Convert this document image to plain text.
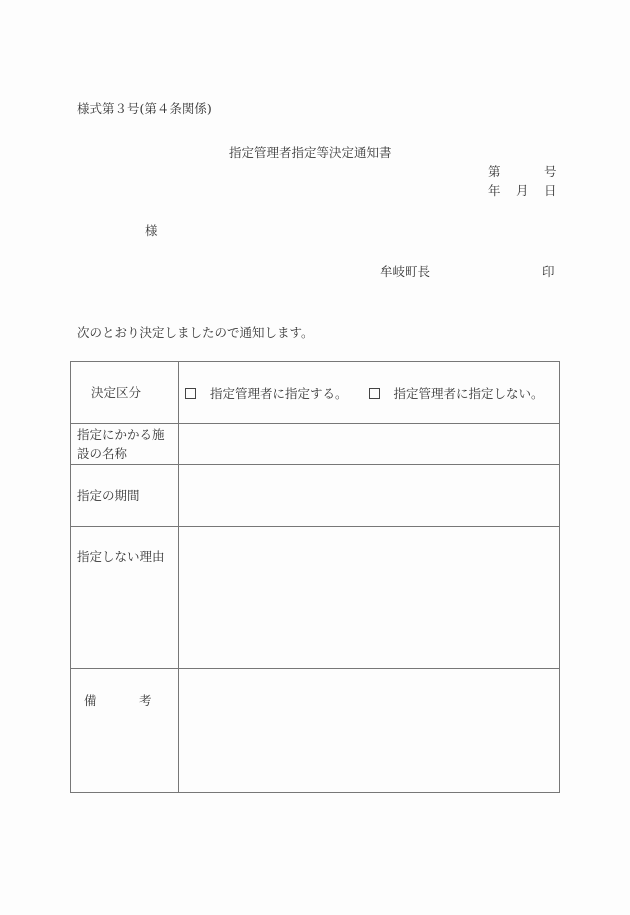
様式第３号(第４条関係)
指定管理者指定等決定通知書
第	号
年 月 日
様
牟岐町長	印
次のとおり決定しましたので通知します。
決定区分	指定管理者に指定する。	指定管理者に指定しない。
指定にかかる施
設の名称
指定の期間
指定しない理由
備	考
